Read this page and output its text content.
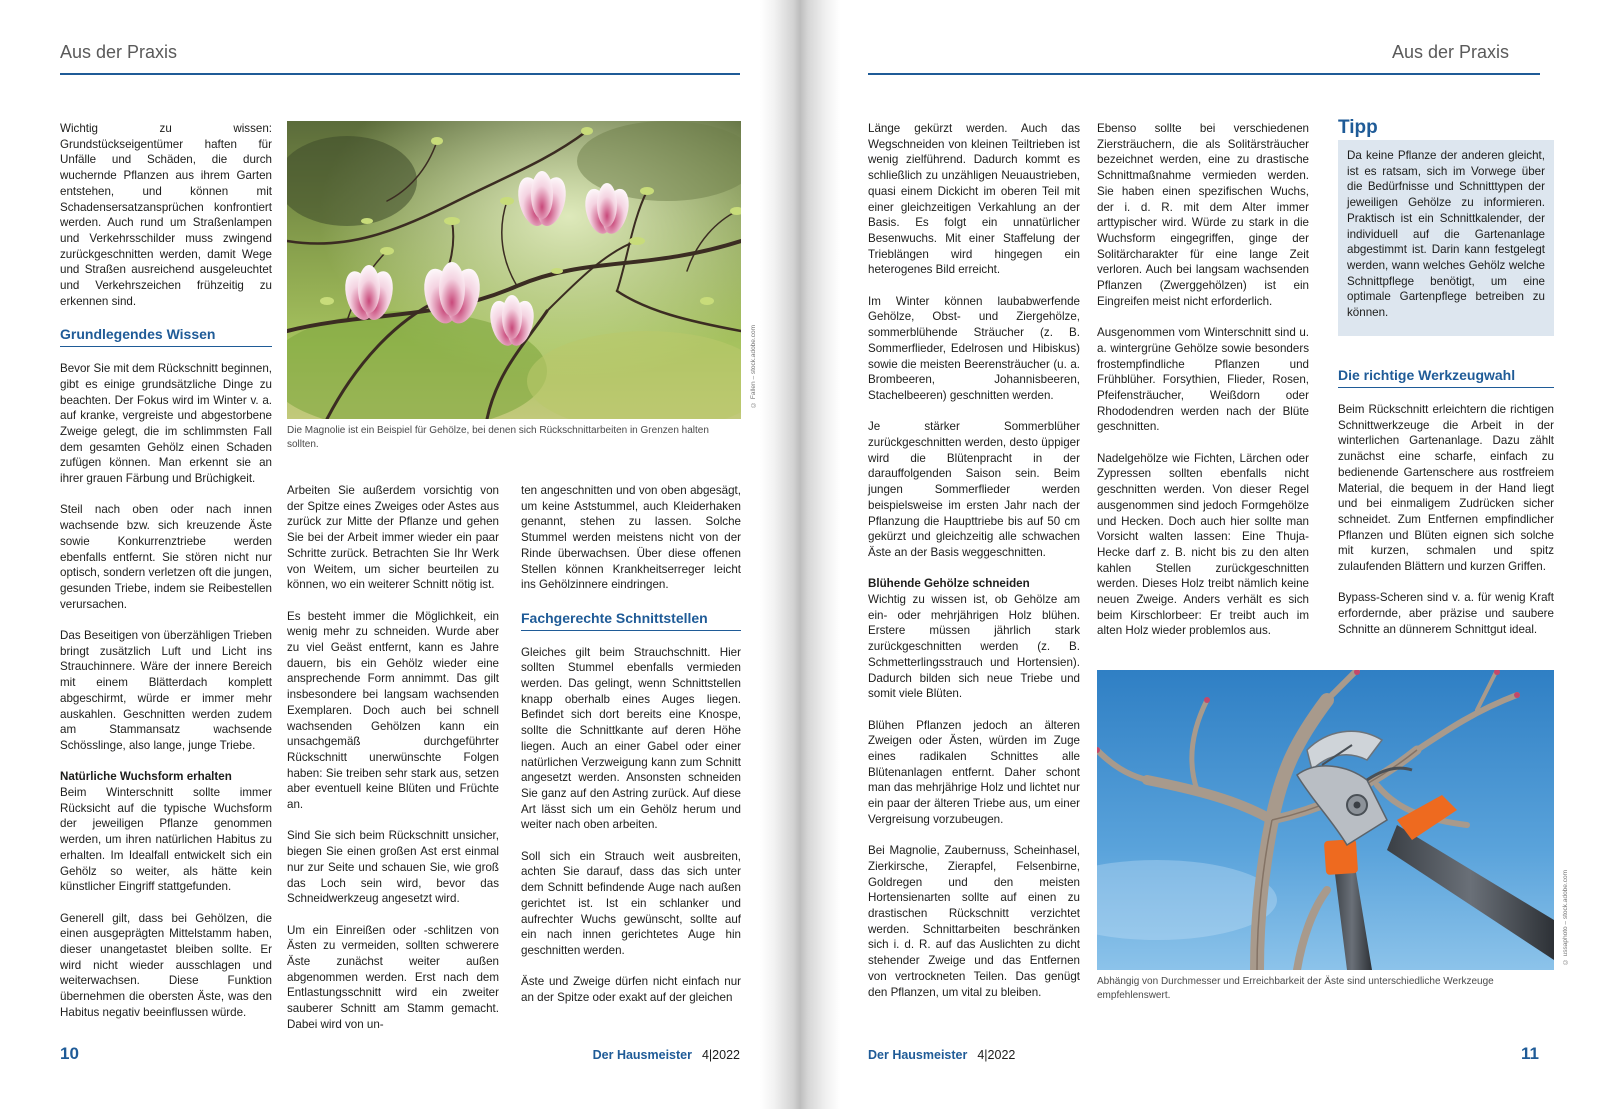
Aus der Praxis

Wichtig zu wissen: Grundstückseigentümer haften für Unfälle und Schäden, die durch wuchernde Pflanzen aus ihrem Garten entstehen, und können mit Schadensersatzansprüchen konfrontiert werden. Auch rund um Straßenlampen und Verkehrsschilder muss zwingend zurückgeschnitten werden, damit Wege und Straßen ausreichend ausgeleuchtet und Verkehrszeichen frühzeitig zu erkennen sind.

Grundlegendes Wissen

Bevor Sie mit dem Rückschnitt beginnen, gibt es einige grundsätzliche Dinge zu beachten. Der Fokus wird im Winter v. a. auf kranke, vergreiste und abgestorbene Zweige gelegt, die im schlimmsten Fall dem gesamten Gehölz einen Schaden zufügen können. Man erkennt sie an ihrer grauen Färbung und Brüchigkeit.

Steil nach oben oder nach innen wachsende bzw. sich kreuzende Äste sowie Konkurrenztriebe werden ebenfalls entfernt. Sie stören nicht nur optisch, sondern verletzen oft die jungen, gesunden Triebe, indem sie Reibestellen verursachen.

Das Beseitigen von überzähligen Trieben bringt zusätzlich Luft und Licht ins Strauchinnere. Wäre der innere Bereich mit einem Blätterdach komplett abgeschirmt, würde er immer mehr auskahlen. Geschnitten werden zudem am Stammansatz wachsende Schösslinge, also lange, junge Triebe.

Natürliche Wuchsform erhalten

Beim Winterschnitt sollte immer Rücksicht auf die typische Wuchsform der jeweiligen Pflanze genommen werden, um ihren natürlichen Habitus zu erhalten. Im Idealfall entwickelt sich ein Gehölz so weiter, als hätte kein künstlicher Eingriff stattgefunden.

Generell gilt, dass bei Gehölzen, die einen ausgeprägten Mittelstamm haben, dieser unangetastet bleiben sollte. Er wird nicht wieder ausschlagen und weiterwachsen. Diese Funktion übernehmen die obersten Äste, was den Habitus negativ beeinflussen würde.

© Fallen – stock.adobe.com
Die Magnolie ist ein Beispiel für Gehölze, bei denen sich Rückschnittarbeiten in Grenzen halten sollten.

Arbeiten Sie außerdem vorsichtig von der Spitze eines Zweiges oder Astes aus zurück zur Mitte der Pflanze und gehen Sie bei der Arbeit immer wieder ein paar Schritte zurück. Betrachten Sie Ihr Werk von Weitem, um sicher beurteilen zu können, wo ein weiterer Schnitt nötig ist.

Es besteht immer die Möglichkeit, ein wenig mehr zu schneiden. Wurde aber zu viel Geäst entfernt, kann es Jahre dauern, bis ein Gehölz wieder eine ansprechende Form annimmt. Das gilt insbesondere bei langsam wachsenden Exemplaren. Doch auch bei schnell wachsenden Gehölzen kann ein unsachgemäß durchgeführter Rückschnitt unerwünschte Folgen haben: Sie treiben sehr stark aus, setzen aber eventuell keine Blüten und Früchte an.

Sind Sie sich beim Rückschnitt unsicher, biegen Sie einen großen Ast erst einmal nur zur Seite und schauen Sie, wie groß das Loch sein wird, bevor das Schneidwerkzeug angesetzt wird.

Um ein Einreißen oder -schlitzen von Ästen zu vermeiden, sollten schwerere Äste zunächst weiter außen abgenommen werden. Erst nach dem Entlastungsschnitt wird ein zweiter sauberer Schnitt am Stamm gemacht. Dabei wird von un-

ten angeschnitten und von oben abgesägt, um keine Aststummel, auch Kleiderhaken genannt, stehen zu lassen. Solche Stummel werden meistens nicht von der Rinde überwachsen. Über diese offenen Stellen können Krankheitserreger leicht ins Gehölzinnere eindringen.

Fachgerechte Schnittstellen

Gleiches gilt beim Strauchschnitt. Hier sollten Stummel ebenfalls vermieden werden. Das gelingt, wenn Schnittstellen knapp oberhalb eines Auges liegen. Befindet sich dort bereits eine Knospe, sollte die Schnittkante auf deren Höhe liegen. Auch an einer Gabel oder einer natürlichen Verzweigung kann zum Schnitt angesetzt werden. Ansonsten schneiden Sie ganz auf den Astring zurück. Auf diese Art lässt sich um ein Gehölz herum und weiter nach oben arbeiten.

Soll sich ein Strauch weit ausbreiten, achten Sie darauf, dass das sich unter dem Schnitt befindende Auge nach außen gerichtet ist. Ist ein schlanker und aufrechter Wuchs gewünscht, sollte auf ein nach innen gerichtetes Auge hin geschnitten werden.

Äste und Zweige dürfen nicht einfach nur an der Spitze oder exakt auf der gleichen

10	Der Hausmeister 4|2022
Aus der Praxis

Länge gekürzt werden. Auch das Wegschneiden von kleinen Teiltrieben ist wenig zielführend. Dadurch kommt es schließlich zu unzähligen Neuaustrieben, quasi einem Dickicht im oberen Teil mit einer gleichzeitigen Verkahlung an der Basis. Es folgt ein unnatürlicher Besenwuchs. Mit einer Staffelung der Trieblängen wird hingegen ein heterogenes Bild erreicht.

Im Winter können laubabwerfende Gehölze, Obst- und Ziergehölze, sommerblühende Sträucher (z. B. Sommerflieder, Edelrosen und Hibiskus) sowie die meisten Beerensträucher (u. a. Brombeeren, Johannisbeeren, Stachelbeeren) geschnitten werden.

Je stärker Sommerblüher zurückgeschnitten werden, desto üppiger wird die Blütenpracht in der darauffolgenden Saison sein. Beim jungen Sommerflieder werden beispielsweise im ersten Jahr nach der Pflanzung die Haupttriebe bis auf 50 cm gekürzt und gleichzeitig alle schwachen Äste an der Basis weggeschnitten.

Blühende Gehölze schneiden

Wichtig zu wissen ist, ob Gehölze am ein- oder mehrjährigen Holz blühen. Erstere müssen jährlich stark zurückgeschnitten werden (z. B. Schmetterlingsstrauch und Hortensien). Dadurch bilden sich neue Triebe und somit viele Blüten.

Blühen Pflanzen jedoch an älteren Zweigen oder Ästen, würden im Zuge eines radikalen Schnittes alle Blütenanlagen entfernt. Daher schont man das mehrjährige Holz und lichtet nur ein paar der älteren Triebe aus, um einer Vergreisung vorzubeugen.

Bei Magnolie, Zaubernuss, Scheinhasel, Zierkirsche, Zierapfel, Felsenbirne, Goldregen und den meisten Hortensienarten sollte auf einen zu drastischen Rückschnitt verzichtet werden. Schnittarbeiten beschränken sich i. d. R. auf das Auslichten zu dicht stehender Zweige und das Entfernen von vertrockneten Teilen. Das genügt den Pflanzen, um vital zu bleiben.

Ebenso sollte bei verschiedenen Ziersträuchern, die als Solitärsträucher bezeichnet werden, eine zu drastische Schnittmaßnahme vermieden werden. Sie haben einen spezifischen Wuchs, der i. d. R. mit dem Alter immer arttypischer wird. Würde zu stark in die Wuchsform eingegriffen, ginge der Solitärcharakter für eine lange Zeit verloren. Auch bei langsam wachsenden Pflanzen (Zwerggehölzen) ist ein Eingreifen meist nicht erforderlich.

Ausgenommen vom Winterschnitt sind u. a. wintergrüne Gehölze sowie besonders frostempfindliche Pflanzen und Frühblüher. Forsythien, Flieder, Rosen, Pfeifensträucher, Weißdorn oder Rhododendren werden nach der Blüte geschnitten.

Nadelgehölze wie Fichten, Lärchen oder Zypressen sollten ebenfalls nicht geschnitten werden. Von dieser Regel ausgenommen sind jedoch Formgehölze und Hecken. Doch auch hier sollte man Vorsicht walten lassen: Eine Thuja-Hecke darf z. B. nicht bis zu den alten kahlen Stellen zurückgeschnitten werden. Dieses Holz treibt nämlich keine neuen Zweige. Anders verhält es sich beim Kirschlorbeer: Er treibt auch im alten Holz wieder problemlos aus.

Tipp
Da keine Pflanze der anderen gleicht, ist es ratsam, sich im Vorwege über die Bedürfnisse und Schnitttypen der jeweiligen Gehölze zu informieren. Praktisch ist ein Schnittkalender, der individuell auf die Gartenanlage abgestimmt ist. Darin kann festgelegt werden, wann welches Gehölz welche Schnittpflege benötigt, um eine optimale Gartenpflege betreiben zu können.
Die richtige Werkzeugwahl

Beim Rückschnitt erleichtern die richtigen Schnittwerkzeuge die Arbeit in der winterlichen Gartenanlage. Dazu zählt zunächst eine scharfe, einfach zu bedienende Gartenschere aus rostfreiem Material, die bequem in der Hand liegt und bei einmaligem Zudrücken sicher schneidet. Zum Entfernen empfindlicher Pflanzen und Blüten eignen sich solche mit kurzen, schmalen und spitz zulaufenden Blättern und kurzen Griffen.

Bypass-Scheren sind v. a. für wenig Kraft erfordernde, aber präzise und saubere Schnitte an dünnerem Schnittgut ideal.

© ussaphoto – stock.adobe.com
Abhängig von Durchmesser und Erreichbarkeit der Äste sind unterschiedliche Werkzeuge empfehlenswert.
11
Der Hausmeister 4|2022
